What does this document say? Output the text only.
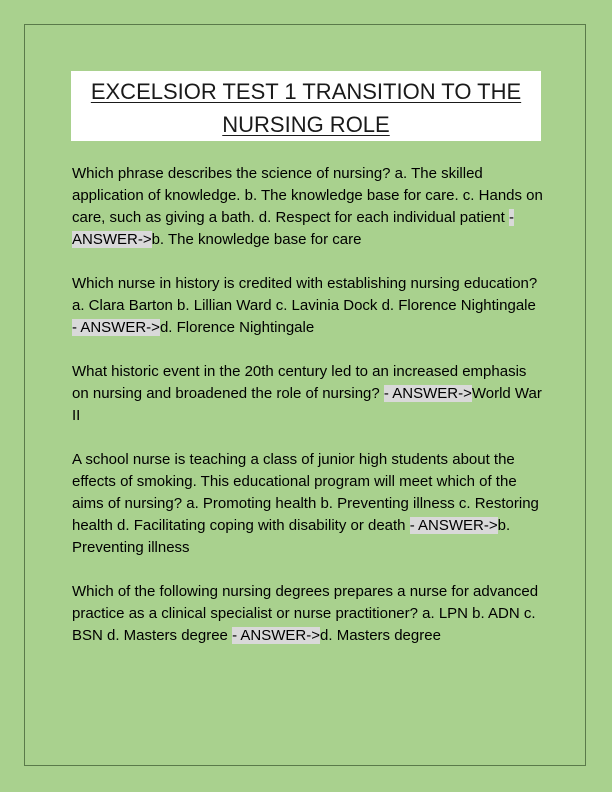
EXCELSIOR TEST 1 TRANSITION TO THE
NURSING ROLE

Which phrase describes the science of nursing? a. The skilled application of knowledge. b. The knowledge base for care. c. Hands on care, such as giving a bath. d. Respect for each individual patient - ANSWER->b. The knowledge base for care

Which nurse in history is credited with establishing nursing education? a. Clara Barton b. Lillian Ward c. Lavinia Dock d. Florence Nightingale - ANSWER->d. Florence Nightingale

What historic event in the 20th century led to an increased emphasis on nursing and broadened the role of nursing? - ANSWER->World War II

A school nurse is teaching a class of junior high students about the effects of smoking. This educational program will meet which of the aims of nursing? a. Promoting health b. Preventing illness c. Restoring health d. Facilitating coping with disability or death - ANSWER->b. Preventing illness

Which of the following nursing degrees prepares a nurse for advanced practice as a clinical specialist or nurse practitioner? a. LPN b. ADN c. BSN d. Masters degree - ANSWER->d. Masters degree
